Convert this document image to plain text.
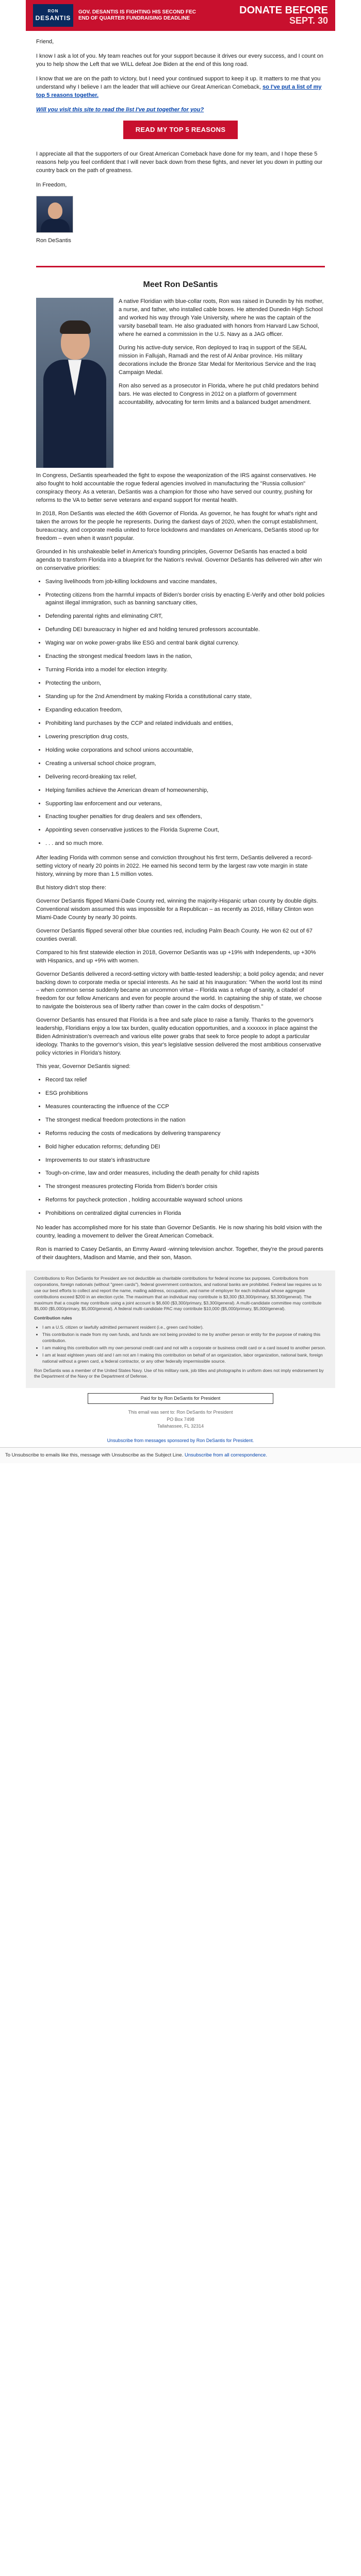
RON
DESANTIS
GOV. DESANTIS IS FIGHTING HIS SECOND FEC END OF QUARTER FUNDRAISING DEADLINE
DONATE BEFORE
SEPT. 30

Friend,

I know I ask a lot of you. My team reaches out for your support because it drives our every success, and I count on you to help show the Left that we WILL defeat Joe Biden at the end of this long road.

I know that we are on the path to victory, but I need your continued support to keep it up. It matters to me that you understand why I believe I am the leader that will achieve our Great American Comeback, so I've put a list of my top 5 reasons together.

Will you visit this site to read the list I've put together for you?

READ MY TOP 5 REASONS

I appreciate all that the supporters of our Great American Comeback have done for my team, and I hope these 5 reasons help you feel confident that I will never back down from these fights, and never let you down in putting our country back on the path of greatness.

In Freedom,

Ron DeSantis

Meet Ron DeSantis

A native Floridian with blue-collar roots, Ron was raised in Dunedin by his mother, a nurse, and father, who installed cable boxes. He attended Dunedin High School and worked his way through Yale University, where he was the captain of the varsity baseball team. He also graduated with honors from Harvard Law School, where he earned a commission in the U.S. Navy as a JAG officer.

During his active-duty service, Ron deployed to Iraq in support of the SEAL mission in Fallujah, Ramadi and the rest of Al Anbar province. His military decorations include the Bronze Star Medal for Meritorious Service and the Iraq Campaign Medal.

Ron also served as a prosecutor in Florida, where he put child predators behind bars. He was elected to Congress in 2012 on a platform of government accountability, advocating for term limits and a balanced budget amendment.

In Congress, DeSantis spearheaded the fight to expose the weaponization of the IRS against conservatives. He also fought to hold accountable the rogue federal agencies involved in manufacturing the "Russia collusion" conspiracy theory. As a veteran, DeSantis was a champion for those who have served our country, pushing for reforms to the VA to better serve veterans and expand support for mental health.

In 2018, Ron DeSantis was elected the 46th Governor of Florida. As governor, he has fought for what's right and taken the arrows for the people he represents. During the darkest days of 2020, when the corrupt establishment, bureaucracy, and corporate media united to force lockdowns and mandates on Americans, DeSantis stood up for freedom – even when it wasn't popular.

Grounded in his unshakeable belief in America's founding principles, Governor DeSantis has enacted a bold agenda to transform Florida into a blueprint for the Nation's revival. Governor DeSantis has delivered win after win on conservative priorities:

• Saving livelihoods from job-killing lockdowns and vaccine mandates,
• Protecting citizens from the harmful impacts of Biden's border crisis by enacting E-Verify and other bold policies against illegal immigration, such as banning sanctuary cities,
• Defending parental rights and eliminating CRT,
• Defunding DEI bureaucracy in higher ed and holding tenured professors accountable.
• Waging war on woke power-grabs like ESG and central bank digital currency.
• Enacting the strongest medical freedom laws in the nation,
• Turning Florida into a model for election integrity.
• Protecting the unborn,
• Standing up for the 2nd Amendment by making Florida a constitutional carry state,
• Expanding education freedom,
• Prohibiting land purchases by the CCP and related individuals and entities,
• Lowering prescription drug costs,
• Holding woke corporations and school unions accountable,
• Creating a universal school choice program,
• Delivering record-breaking tax relief,
• Helping families achieve the American dream of homeownership,
• Supporting law enforcement and our veterans,
• Enacting tougher penalties for drug dealers and sex offenders,
• Appointing seven conservative justices to the Florida Supreme Court,
• . . . and so much more.

After leading Florida with common sense and conviction throughout his first term, DeSantis delivered a record-setting victory of nearly 20 points in 2022. He earned his second term by the largest raw vote margin in state history, winning by more than 1.5 million votes.

But history didn't stop there:

Governor DeSantis flipped Miami-Dade County red, winning the majority-Hispanic urban county by double digits. Conventional wisdom assumed this was impossible for a Republican – as recently as 2016, Hillary Clinton won Miami-Dade County by nearly 30 points.

Governor DeSantis flipped several other blue counties red, including Palm Beach County. He won 62 out of 67 counties overall.

Compared to his first statewide election in 2018, Governor DeSantis was up +19% with Independents, up +30% with Hispanics, and up +9% with women.

Governor DeSantis delivered a record-setting victory with battle-tested leadership; a bold policy agenda; and never backing down to corporate media or special interests. As he said at his inauguration: "When the world lost its mind – when common sense suddenly became an uncommon virtue – Florida was a refuge of sanity, a citadel of freedom for our fellow Americans and even for people around the world. In captaining the ship of state, we choose to navigate the boisterous sea of liberty rather than cower in the calm docks of despotism."

Governor DeSantis has ensured that Florida is a free and safe place to raise a family. Thanks to the governor's leadership, Floridians enjoy a low tax burden, quality education opportunities, and a xxxxxxx in place against the Biden Administration's overreach and various elite power grabs that seek to force people to adopt a particular ideology. Thanks to the governor's vision, this year's legislative session delivered the most ambitious conservative policy victories in Florida's history.

This year, Governor DeSantis signed:

• Record tax relief
• ESG prohibitions
• Measures counteracting the influence of the CCP
• The strongest medical freedom protections in the nation
• Reforms reducing the costs of medications by delivering transparency
• Bold higher education reforms; defunding DEI
• Improvements to our state's infrastructure
• Tough-on-crime, law and order measures, including the death penalty for child rapists
• The strongest measures protecting Florida from Biden's border crisis
• Reforms for paycheck protection , holding accountable wayward school unions
• Prohibitions on centralized digital currencies in Florida

No leader has accomplished more for his state than Governor DeSantis. He is now sharing his bold vision with the country, leading a movement to deliver the Great American Comeback.

Ron is married to Casey DeSantis, an Emmy Award -winning television anchor. Together, they're the proud parents of their daughters, Madison and Mamie, and their son, Mason.

Contributions to Ron DeSantis for President are not deductible as charitable contributions for federal income tax purposes. Contributions from corporations, foreign nationals (without "green cards"), federal government contractors, and national banks are prohibited. Federal law requires us to use our best efforts to collect and report the name, mailing address, occupation, and name of employer for each individual whose aggregate contributions exceed $200 in an election cycle. The maximum that an individual may contribute is $3,300 ($3,300/primary, $3,300/general). The maximum that a couple may contribute using a joint account is $6,600 ($3,300/primary, $3,300/general). A multi-candidate committee may contribute $5,000 ($5,000/primary, $5,000/general). A federal multi-candidate PAC may contribute $10,000 ($5,000/primary, $5,000/general).

Contribution rules

• I am a U.S. citizen or lawfully admitted permanent resident (i.e., green card holder).
• This contribution is made from my own funds, and funds are not being provided to me by another person or entity for the purpose of making this contribution.
• I am making this contribution with my own personal credit card and not with a corporate or business credit card or a card issued to another person.
• I am at least eighteen years old and I am not am I making this contribution on behalf of an organization, labor organization, national bank, foreign national without a green card, a federal contractor, or any other federally impermissible source.

Ron DeSantis was a member of the United States Navy. Use of his military rank, job titles and photographs in uniform does not imply endorsement by the Department of the Navy or the Department of Defense.

Paid for by Ron DeSantis for President
This email was sent to: Ron DeSantis for President
PO Box 7498
Tallahassee, FL 32314
Unsubscribe from messages sponsored by Ron DeSantis for President.
To Unsubscribe to emails like this, message with Unsubscribe as the Subject Line. Unsubscribe from all correspondence.
